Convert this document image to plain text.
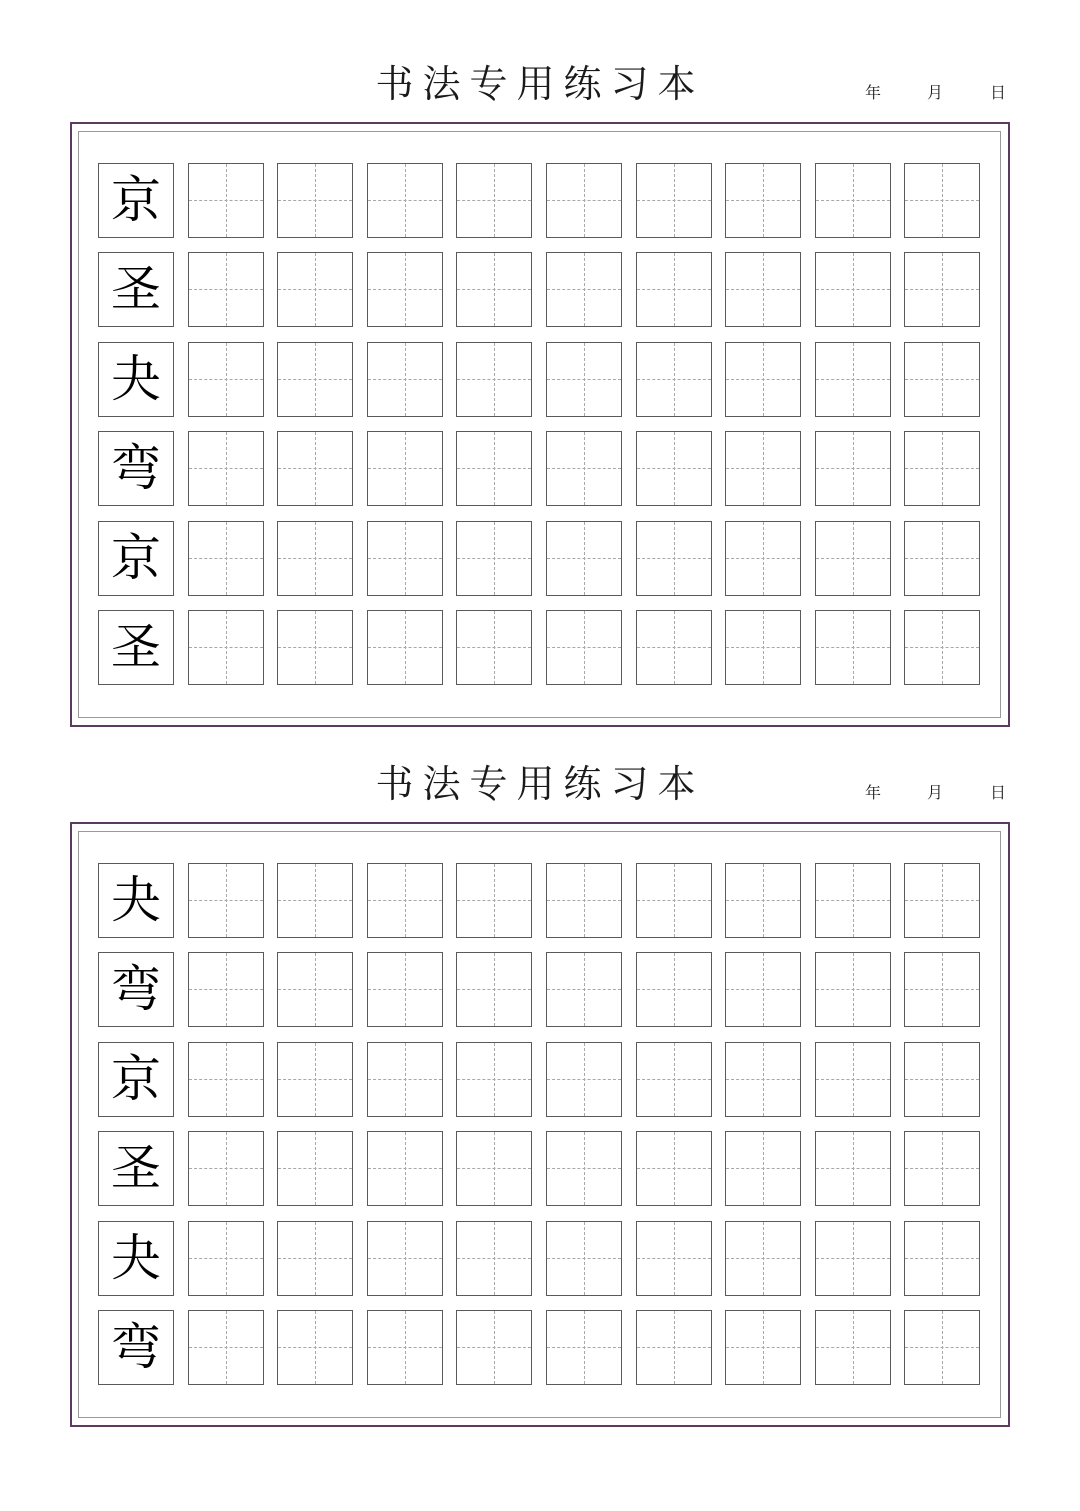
书法专用练习本	年	月	日
京
圣
夬
弯
京
圣
书法专用练习本	年	月	日
夬
弯
京
圣
夬
弯
